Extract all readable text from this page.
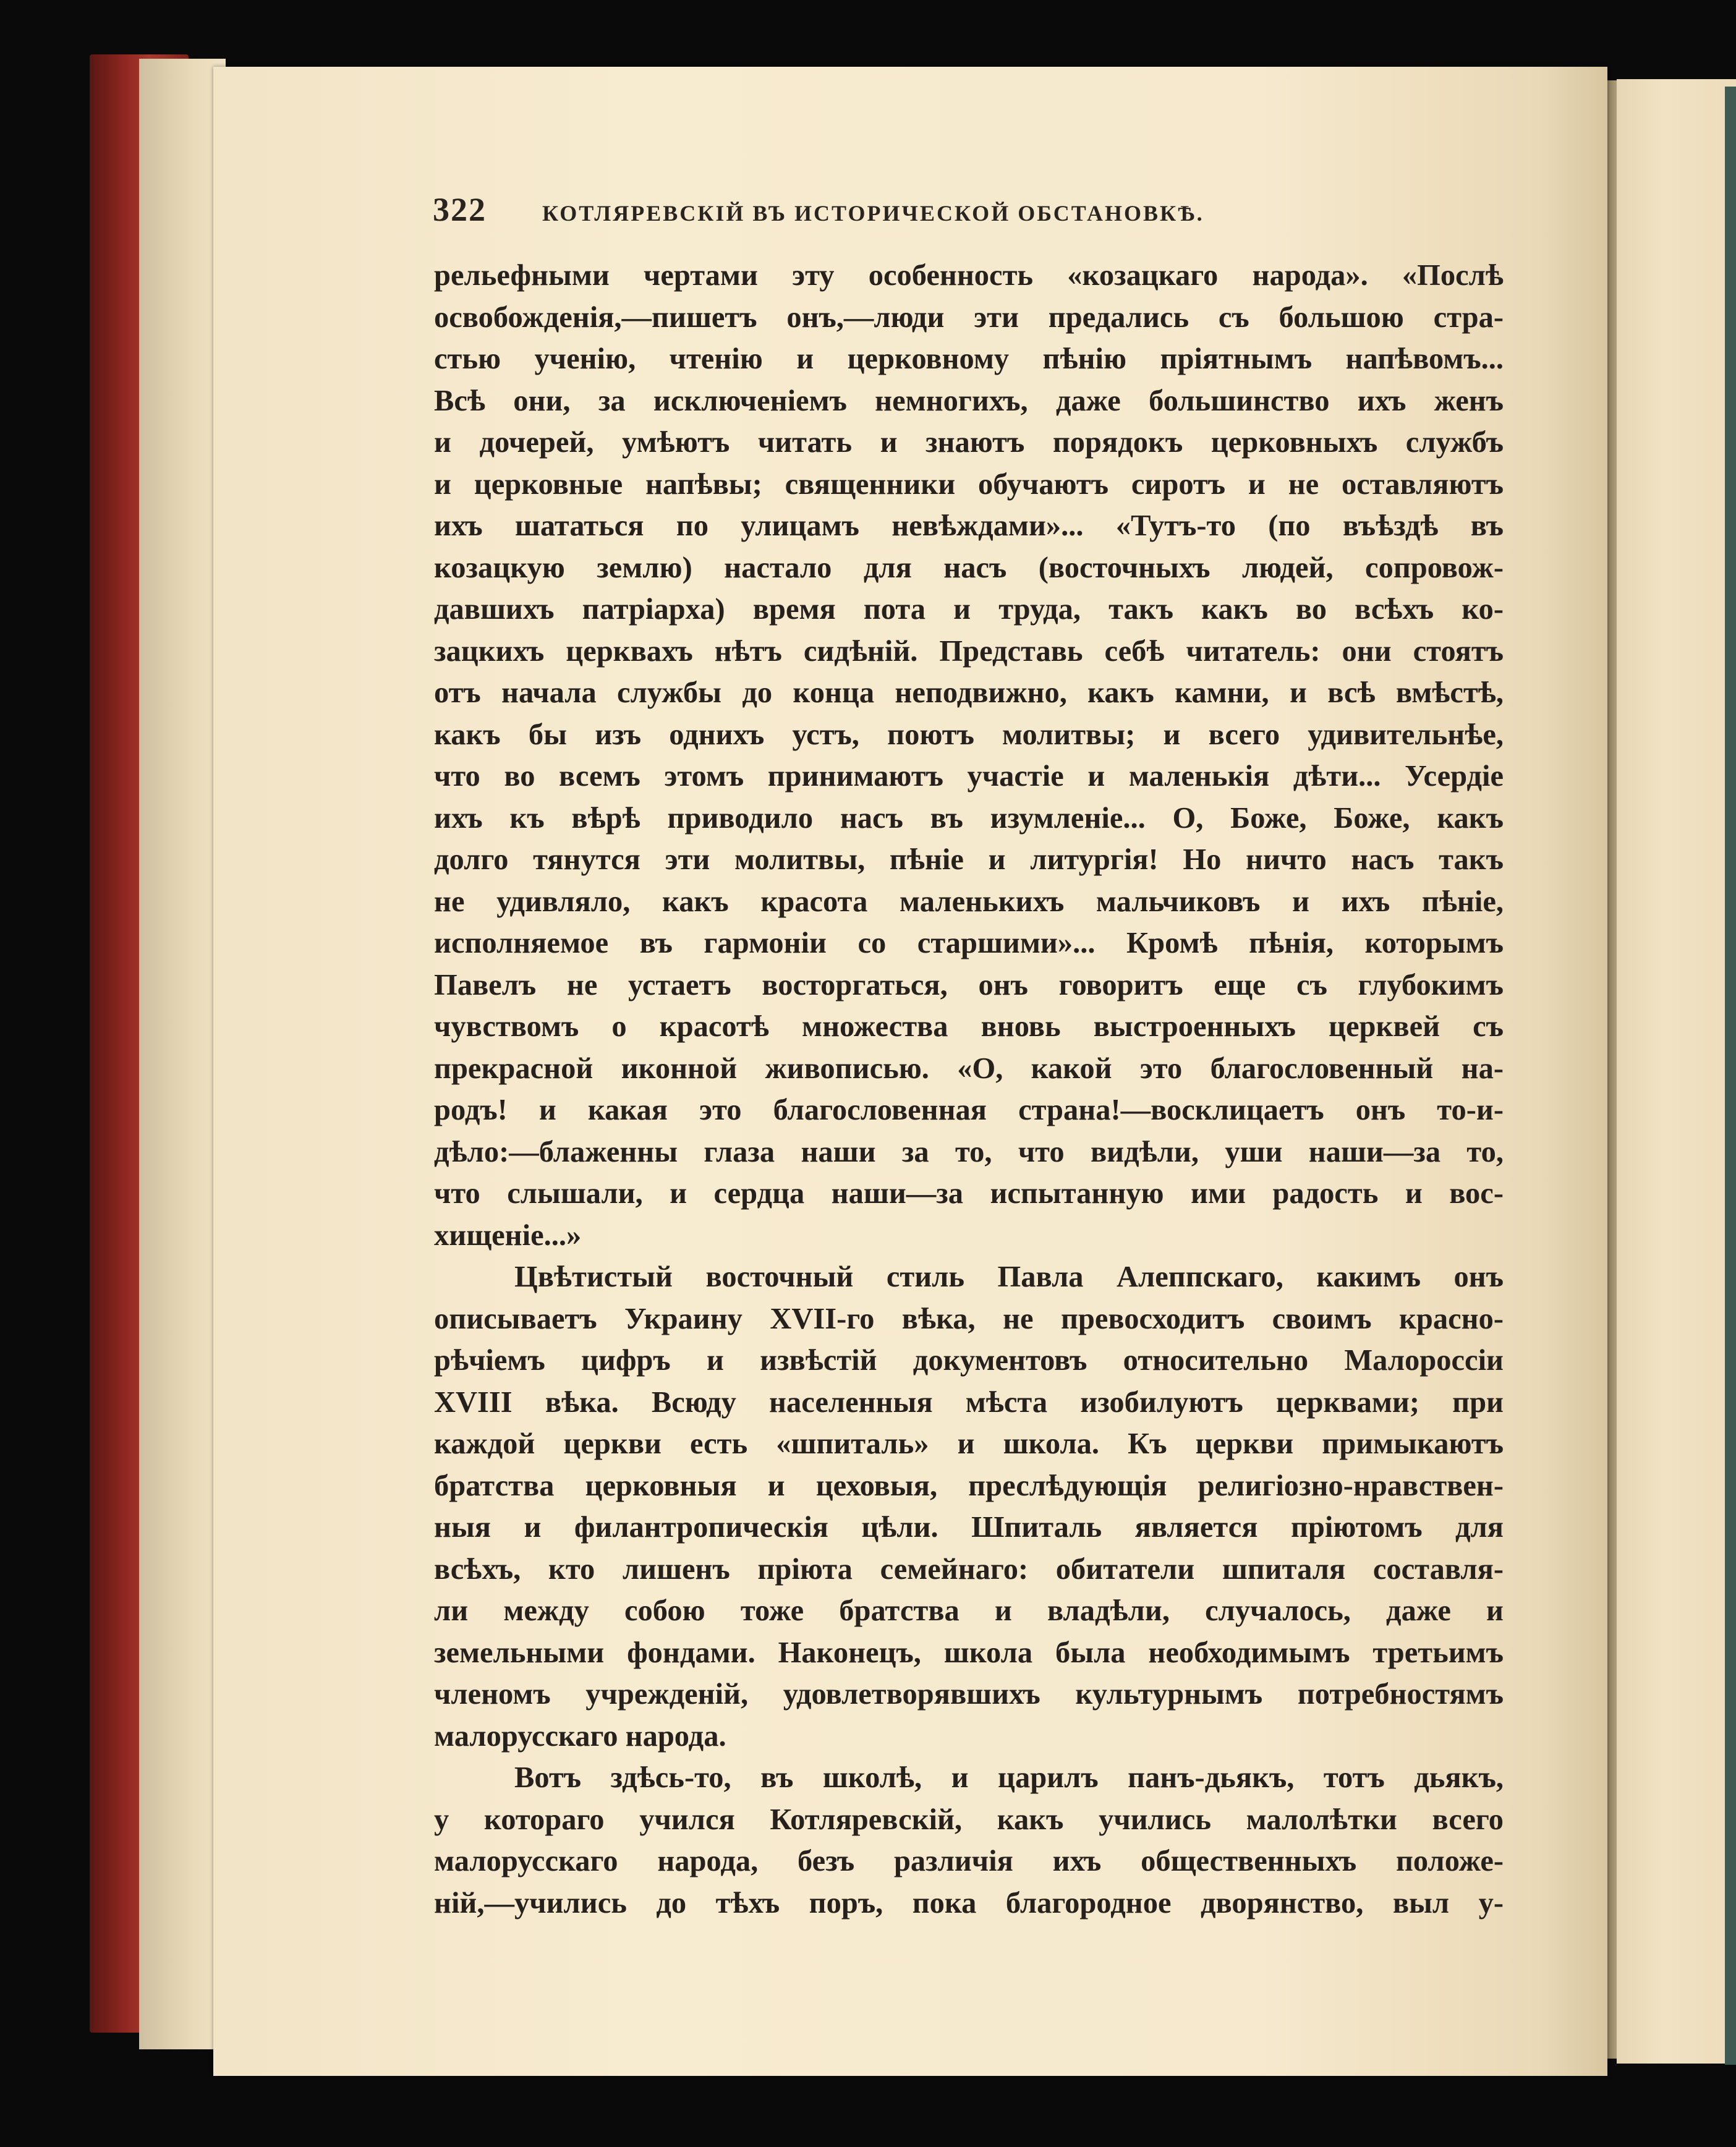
322	КОТЛЯРЕВСКІЙ ВЪ ИСТОРИЧЕСКОЙ ОБСТАНОВКѢ.
рельефными чертами эту особенность «козацкаго народа». «Послѣ
освобожденія,—пишетъ онъ,—люди эти предались съ большою стра-
стью ученію, чтенію и церковному пѣнію пріятнымъ напѣвомъ...
Всѣ они, за исключеніемъ немногихъ, даже большинство ихъ женъ
и дочерей, умѣютъ читать и знаютъ порядокъ церковныхъ службъ
и церковные напѣвы; священники обучаютъ сиротъ и не оставляютъ
ихъ шататься по улицамъ невѣждами»... «Тутъ-то (по въѣздѣ въ
козацкую землю) настало для насъ (восточныхъ людей, сопровож-
давшихъ патріарха) время пота и труда, такъ какъ во всѣхъ ко-
зацкихъ церквахъ нѣтъ сидѣній. Представь себѣ читатель: они стоятъ
отъ начала службы до конца неподвижно, какъ камни, и всѣ вмѣстѣ,
какъ бы изъ однихъ устъ, поютъ молитвы; и всего удивительнѣе,
что во всемъ этомъ принимаютъ участіе и маленькія дѣти... Усердіе
ихъ къ вѣрѣ приводило насъ въ изумленіе... О, Боже, Боже, какъ
долго тянутся эти молитвы, пѣніе и литургія! Но ничто насъ такъ
не удивляло, какъ красота маленькихъ мальчиковъ и ихъ пѣніе,
исполняемое въ гармоніи со старшими»... Кромѣ пѣнія, которымъ
Павелъ не устаетъ восторгаться, онъ говоритъ еще съ глубокимъ
чувствомъ о красотѣ множества вновь выстроенныхъ церквей съ
прекрасной иконной живописью. «О, какой это благословенный на-
родъ! и какая это благословенная страна!—восклицаетъ онъ то-и-
дѣло:—блаженны глаза наши за то, что видѣли, уши наши—за то,
что слышали, и сердца наши—за испытанную ими радость и вос-
хищеніе...»
Цвѣтистый восточный стиль Павла Алеппскаго, какимъ онъ
описываетъ Украину XVII-го вѣка, не превосходитъ своимъ красно-
рѣчіемъ цифръ и извѣстій документовъ относительно Малороссіи
XVIII вѣка. Всюду населенныя мѣста изобилуютъ церквами; при
каждой церкви есть «шпиталь» и школа. Къ церкви примыкаютъ
братства церковныя и цеховыя, преслѣдующія религіозно-нравствен-
ныя и филантропическія цѣли. Шпиталь является пріютомъ для
всѣхъ, кто лишенъ пріюта семейнаго: обитатели шпиталя составля-
ли между собою тоже братства и владѣли, случалось, даже и
земельными фондами. Наконецъ, школа была необходимымъ третьимъ
членомъ учрежденій, удовлетворявшихъ культурнымъ потребностямъ
малорусскаго народа.
Вотъ здѣсь-то, въ школѣ, и царилъ панъ-дьякъ, тотъ дьякъ,
у котораго учился Котляревскій, какъ учились малолѣтки всего
малорусскаго народа, безъ различія ихъ общественныхъ положе-
ній,—учились до тѣхъ поръ, пока благородное дворянство, выл у-
